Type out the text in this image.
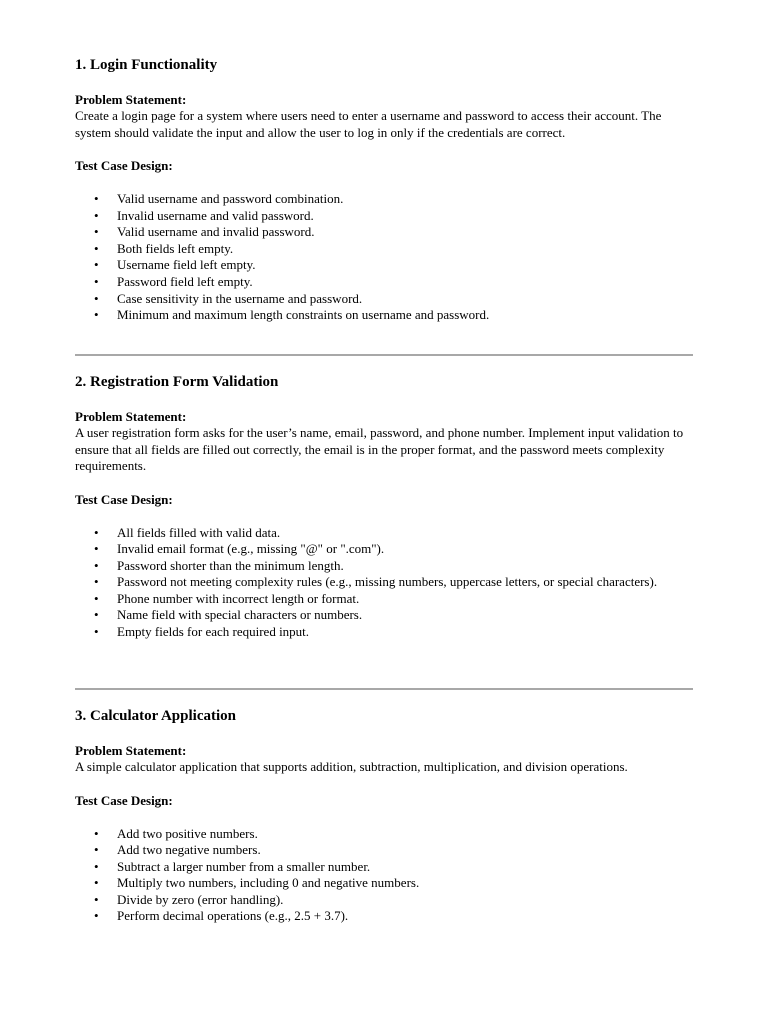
1. Login Functionality

Problem Statement:

Create a login page for a system where users need to enter a username and password to access their account. The system should validate the input and allow the user to log in only if the credentials are correct.

Test Case Design:

• Valid username and password combination.
• Invalid username and valid password.
• Valid username and invalid password.
• Both fields left empty.
• Username field left empty.
• Password field left empty.
• Case sensitivity in the username and password.
• Minimum and maximum length constraints on username and password.
2. Registration Form Validation

Problem Statement:

A user registration form asks for the user’s name, email, password, and phone number. Implement input validation to ensure that all fields are filled out correctly, the email is in the proper format, and the password meets complexity requirements.

Test Case Design:

• All fields filled with valid data.
• Invalid email format (e.g., missing "@" or ".com").
• Password shorter than the minimum length.
• Password not meeting complexity rules (e.g., missing numbers, uppercase letters, or special characters).
• Phone number with incorrect length or format.
• Name field with special characters or numbers.
• Empty fields for each required input.
3. Calculator Application

Problem Statement:

A simple calculator application that supports addition, subtraction, multiplication, and division operations.

Test Case Design:

• Add two positive numbers.
• Add two negative numbers.
• Subtract a larger number from a smaller number.
• Multiply two numbers, including 0 and negative numbers.
• Divide by zero (error handling).
• Perform decimal operations (e.g., 2.5 + 3.7).
